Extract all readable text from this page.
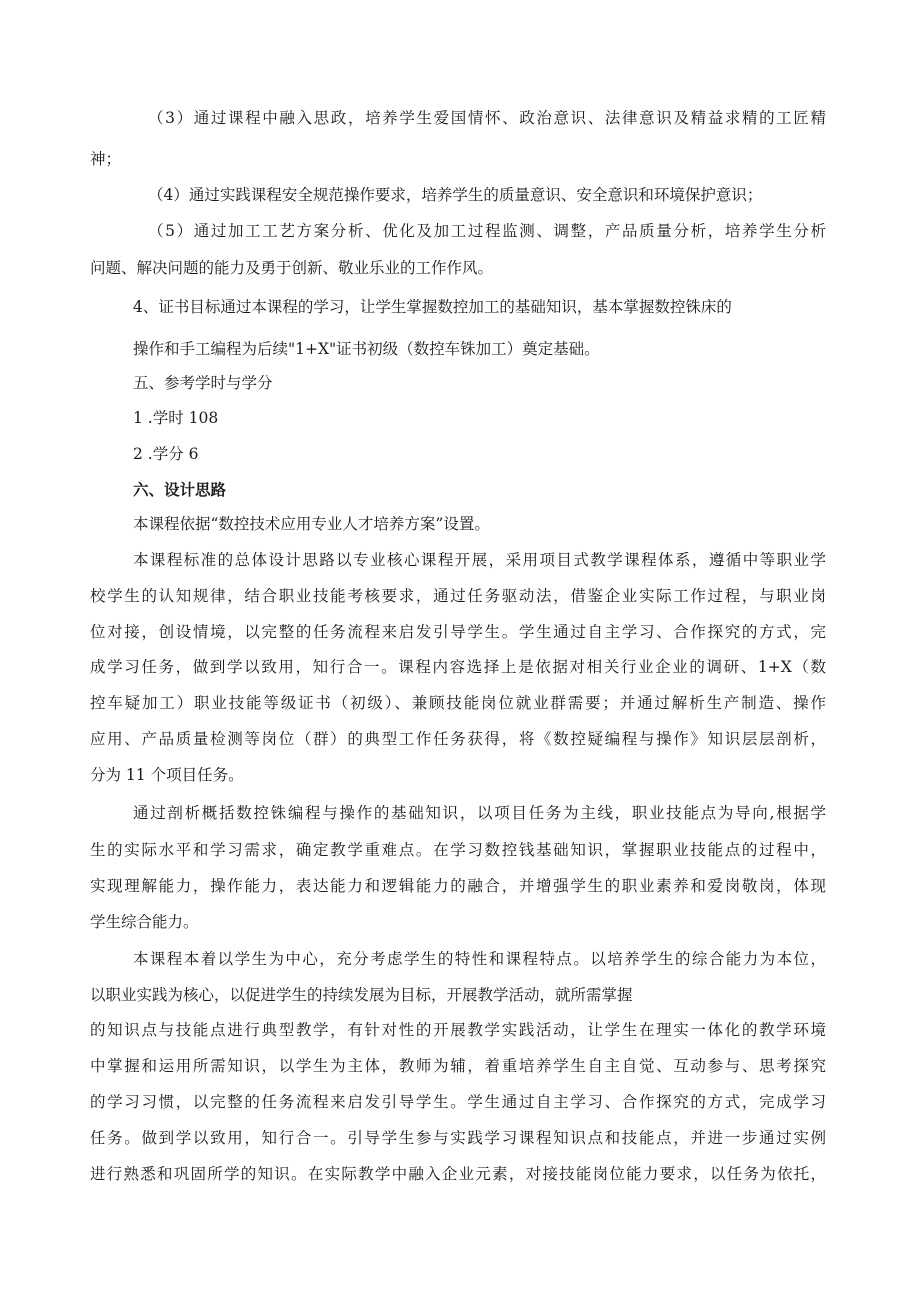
（3）通过课程中融入思政，培养学生爱国情怀、政治意识、法律意识及精益求精的工匠精

神；

（4）通过实践课程安全规范操作要求，培养学生的质量意识、安全意识和环境保护意识；

（5）通过加工工艺方案分析、优化及加工过程监测、调整，产品质量分析，培养学生分析

问题、解决问题的能力及勇于创新、敬业乐业的工作作风。

4、证书目标通过本课程的学习，让学生掌握数控加工的基础知识，基本掌握数控铢床的

操作和手工编程为后续"1+X"证书初级（数控车铢加工）奠定基础。

五、参考学时与学分

1 .学时 108

2 .学分 6

六、设计思路

本课程依据“数控技术应用专业人才培养方案”设置。

本课程标准的总体设计思路以专业核心课程开展，采用项目式教学课程体系，遵循中等职业学

校学生的认知规律，结合职业技能考核要求，通过任务驱动法，借鉴企业实际工作过程，与职业岗

位对接，创设情境，以完整的任务流程来启发引导学生。学生通过自主学习、合作探究的方式，完

成学习任务，做到学以致用，知行合一。课程内容选择上是依据对相关行业企业的调研、1+X（数

控车疑加工）职业技能等级证书（初级）、兼顾技能岗位就业群需要；并通过解析生产制造、操作

应用、产品质量检测等岗位（群）的典型工作任务获得，将《数控疑编程与操作》知识层层剖析，

分为 11 个项目任务。

通过剖析概括数控铢编程与操作的基础知识，以项目任务为主线，职业技能点为导向,根据学

生的实际水平和学习需求，确定教学重难点。在学习数控钱基础知识，掌握职业技能点的过程中，

实现理解能力，操作能力，表达能力和逻辑能力的融合，并增强学生的职业素养和爱岗敬岗，体现

学生综合能力。

本课程本着以学生为中心，充分考虑学生的特性和课程特点。以培养学生的综合能力为本位，

以职业实践为核心，以促进学生的持续发展为目标，开展教学活动，就所需掌握

的知识点与技能点进行典型教学，有针对性的开展教学实践活动，让学生在理实一体化的教学环境

中掌握和运用所需知识，以学生为主体，教师为辅，着重培养学生自主自觉、互动参与、思考探究

的学习习惯，以完整的任务流程来启发引导学生。学生通过自主学习、合作探究的方式，完成学习

任务。做到学以致用，知行合一。引导学生参与实践学习课程知识点和技能点，并进一步通过实例

进行熟悉和巩固所学的知识。在实际教学中融入企业元素，对接技能岗位能力要求，以任务为依托，
